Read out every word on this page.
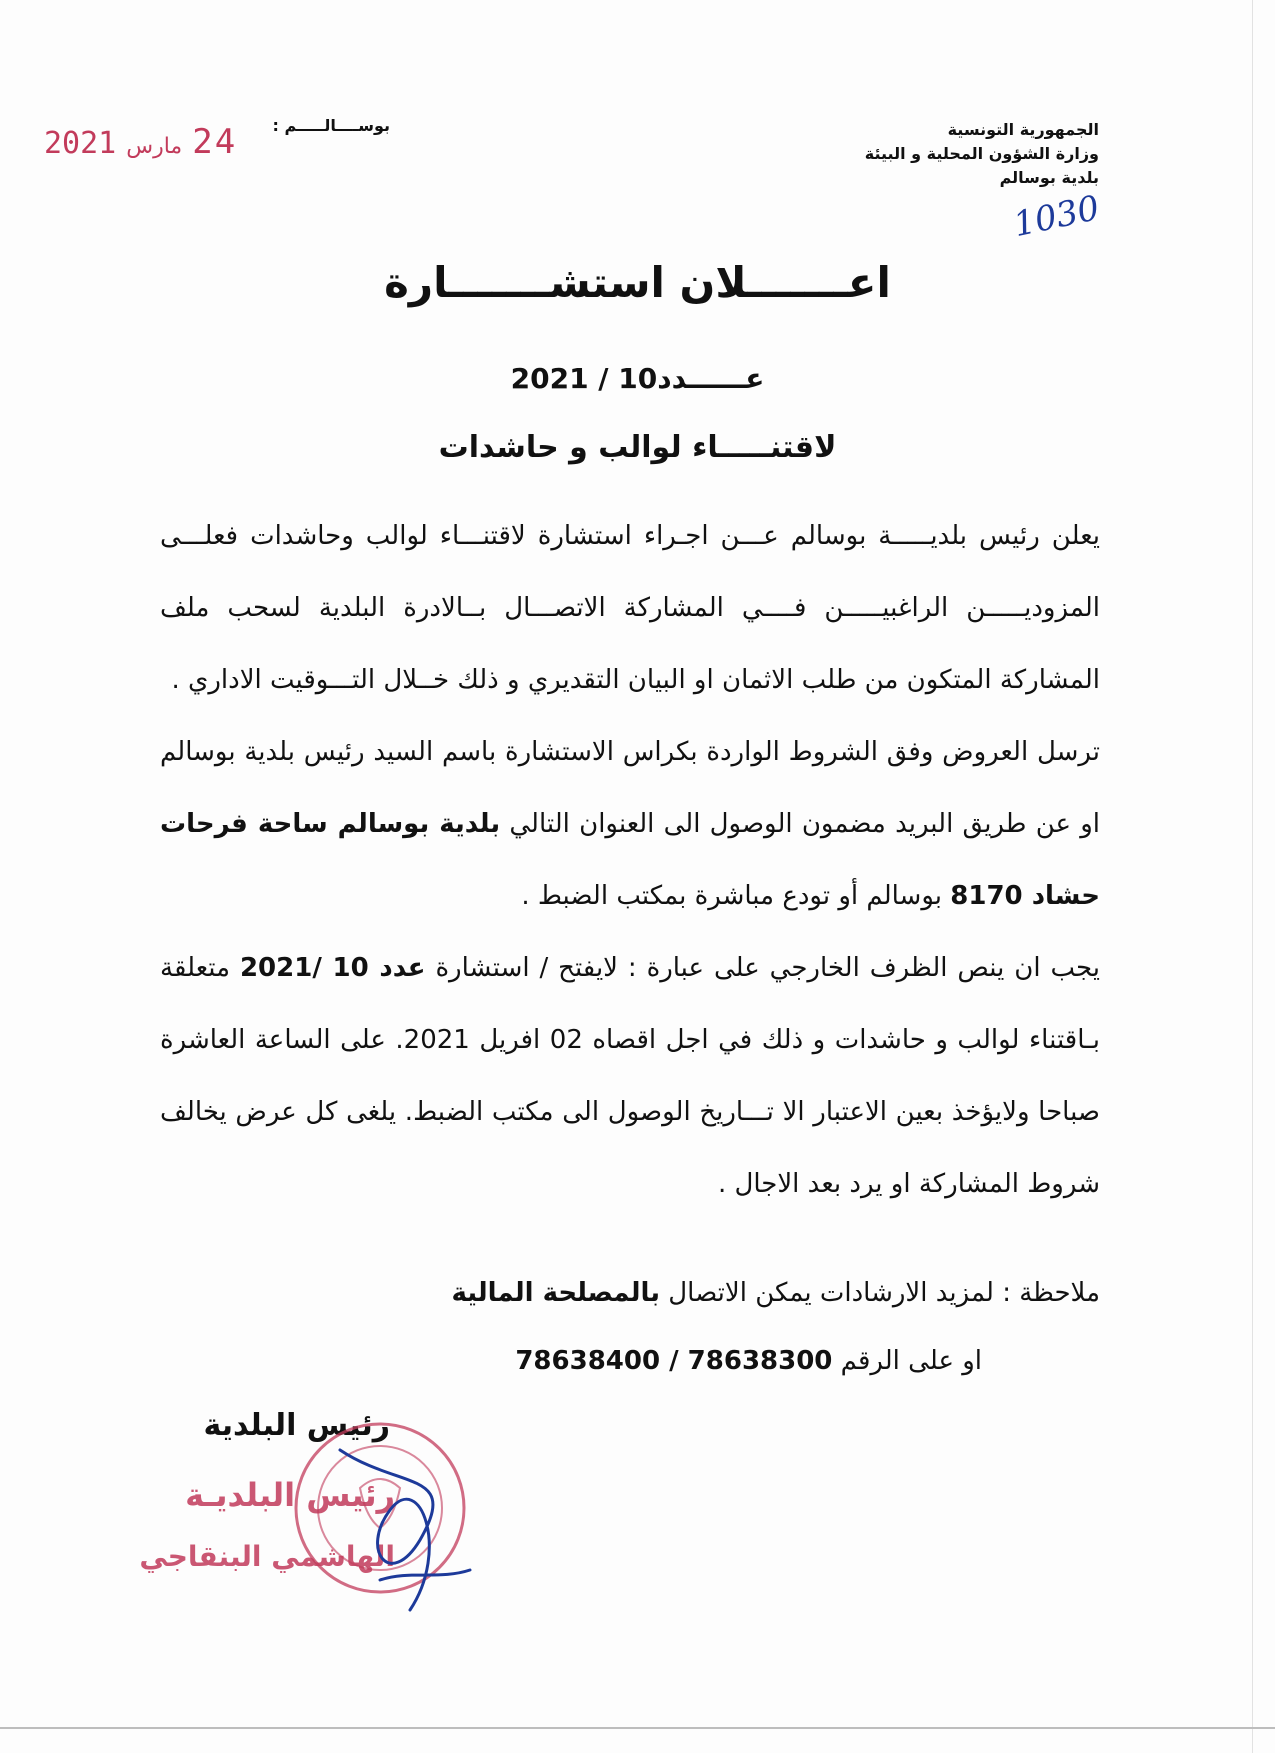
الجمهورية التونسية
وزارة الشؤون المحلية و البيئة
بلدية بوسالم
1030
بوســــالـــــم :
2021 مارس 24
اعـــــــلان استشـــــــارة
عــــــدد10 / 2021
لاقتنـــــاء لوالب و حاشدات

يعلن رئيس بلديـــــة بوسالم عـــن اجـراء استشارة لاقتنـــاء لوالب وحاشدات فعلـــى المزوديـــــن الراغبيـــــن فــــي المشاركة الاتصـــال بــالادرة البلدية لسحب ملف المشاركة المتكون من طلب الاثمان او البيان التقديري و ذلك خــلال التـــوقيت الاداري .

ترسل العروض وفق الشروط الواردة بكراس الاستشارة باسم السيد رئيس بلدية بوسالم او عن طريق البريد مضمون الوصول الى العنوان التالي بلدية بوسالم ساحة فرحات حشاد 8170 بوسالم أو تودع مباشرة بمكتب الضبط .

يجب ان ينص الظرف الخارجي على عبارة : لايفتح / استشارة عدد 10 /2021 متعلقة بـاقتناء لوالب و حاشدات و ذلك في اجل اقصاه 02 افريل 2021. على الساعة العاشرة صباحا ولايؤخذ بعين الاعتبار الا تـــاريخ الوصول الى مكتب الضبط. يلغى كل عرض يخالف شروط المشاركة او يرد بعد الاجال .

ملاحظة : لمزيد الارشادات يمكن الاتصال بالمصلحة المالية
او على الرقم 78638300 / 78638400
رئيس البلدية
رئيس البلديـة
الهاشمي البنقاجي
